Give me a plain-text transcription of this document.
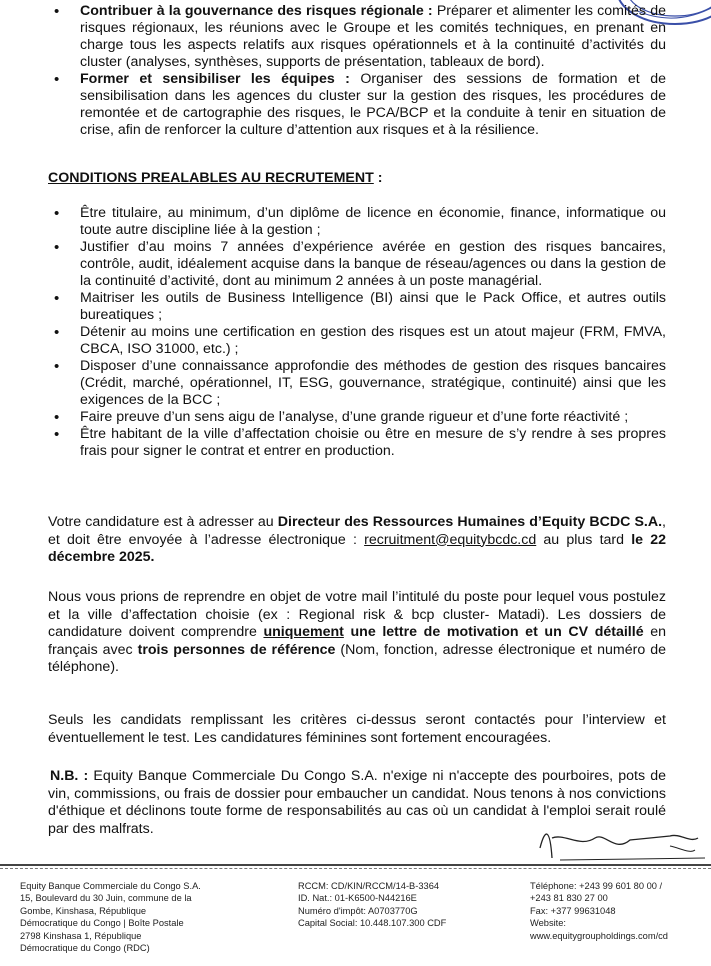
• Contribuer à la gouvernance des risques régionale : Préparer et alimenter les comités de risques régionaux, les réunions avec le Groupe et les comités techniques, en prenant en charge tous les aspects relatifs aux risques opérationnels et à la continuité d’activités du cluster (analyses, synthèses, supports de présentation, tableaux de bord).
• Former et sensibiliser les équipes : Organiser des sessions de formation et de sensibilisation dans les agences du cluster sur la gestion des risques, les procédures de remontée et de cartographie des risques, le PCA/BCP et la conduite à tenir en situation de crise, afin de renforcer la culture d’attention aux risques et à la résilience.
CONDITIONS PREALABLES AU RECRUTEMENT :
• Être titulaire, au minimum, d’un diplôme de licence en économie, finance, informatique ou toute autre discipline liée à la gestion ;
• Justifier d’au moins 7 années d’expérience avérée en gestion des risques bancaires, contrôle, audit, idéalement acquise dans la banque de réseau/agences ou dans la gestion de la continuité d’activité, dont au minimum 2 années à un poste managérial.
• Maitriser les outils de Business Intelligence (BI) ainsi que le Pack Office, et autres outils bureatiques ;
• Détenir au moins une certification en gestion des risques est un atout majeur (FRM, FMVA, CBCA, ISO 31000, etc.) ;
• Disposer d’une connaissance approfondie des méthodes de gestion des risques bancaires (Crédit, marché, opérationnel, IT, ESG, gouvernance, stratégique, continuité) ainsi que les exigences de la BCC ;
• Faire preuve d’un sens aigu de l’analyse, d’une grande rigueur et d’une forte réactivité ;
• Être habitant de la ville d’affectation choisie ou être en mesure de s’y rendre à ses propres frais pour signer le contrat et entrer en production.
Votre candidature est à adresser au Directeur des Ressources Humaines d’Equity BCDC S.A., et doit être envoyée à l’adresse électronique : recruitment@equitybcdc.cd au plus tard le 22 décembre 2025.
Nous vous prions de reprendre en objet de votre mail l’intitulé du poste pour lequel vous postulez et la ville d’affectation choisie (ex : Regional risk & bcp cluster- Matadi). Les dossiers de candidature doivent comprendre uniquement une lettre de motivation et un CV détaillé en français avec trois personnes de référence (Nom, fonction, adresse électronique et numéro de téléphone).
Seuls les candidats remplissant les critères ci-dessus seront contactés pour l’interview et éventuellement le test. Les candidatures féminines sont fortement encouragées.
N.B. : Equity Banque Commerciale Du Congo S.A. n'exige ni n'accepte des pourboires, pots de vin, commissions, ou frais de dossier pour embaucher un candidat. Nous tenons à nos convictions d'éthique et déclinons toute forme de responsabilités au cas où un candidat à l'emploi serait roulé par des malfrats.
Equity Banque Commerciale du Congo S.A.
15, Boulevard du 30 Juin, commune de la
Gombe, Kinshasa, République
Démocratique du Congo | Boîte Postale
2798 Kinshasa 1, République
Démocratique du Congo (RDC)
RCCM: CD/KIN/RCCM/14-B-3364
ID. Nat.: 01-K6500-N44216E
Numéro d'impôt: A0703770G
Capital Social: 10.448.107.300 CDF
Téléphone: +243 99 601 80 00 /
+243 81 830 27 00
Fax: +377 99631048
Website:
www.equitygroupholdings.com/cd
